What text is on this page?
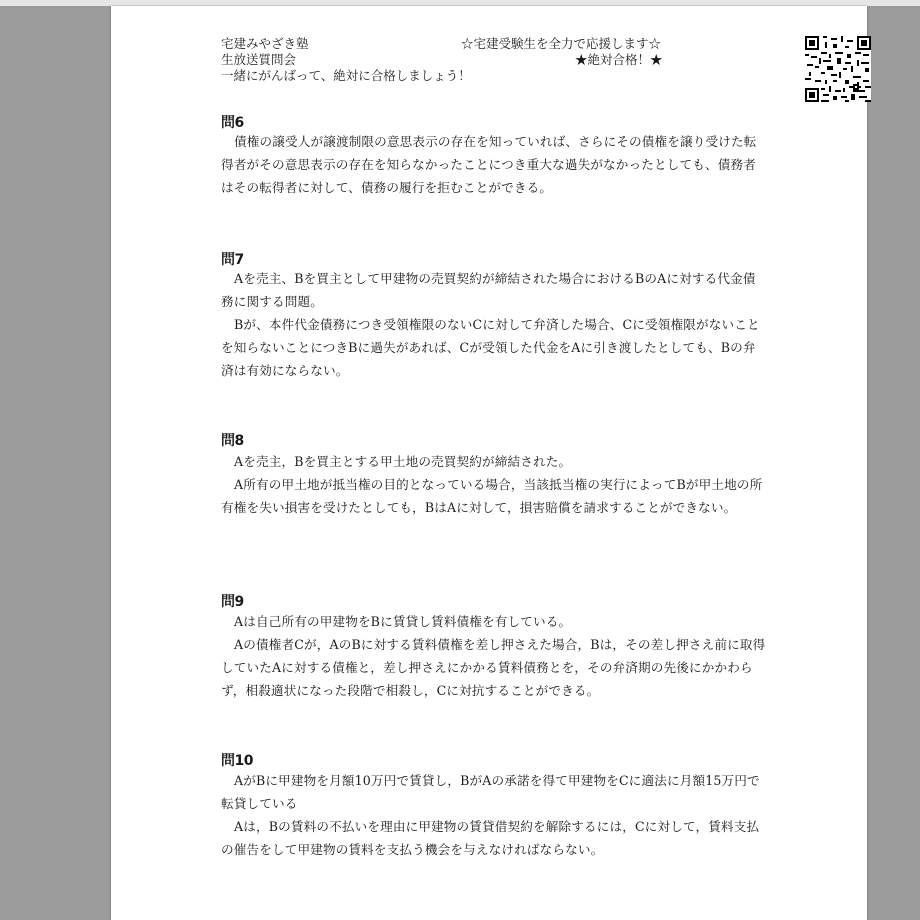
宅建みやざき塾
生放送質問会
一緒にがんばって、絶対に合格しましょう！
☆宅建受験生を全力で応援します☆
★絶対合格！★
問6

債権の譲受人が譲渡制限の意思表示の存在を知っていれば、さらにその債権を譲り受けた転得者がその意思表示の存在を知らなかったことにつき重大な過失がなかったとしても、債務者はその転得者に対して、債務の履行を拒むことができる。

問7

Aを売主、Bを買主として甲建物の売買契約が締結された場合におけるBのAに対する代金債務に関する問題。

Bが、本件代金債務につき受領権限のないCに対して弁済した場合、Cに受領権限がないことを知らないことにつきBに過失があれば、Cが受領した代金をAに引き渡したとしても、Bの弁済は有効にならない。

問8

Aを売主，Bを買主とする甲土地の売買契約が締結された。

A所有の甲土地が抵当権の目的となっている場合，当該抵当権の実行によってBが甲土地の所有権を失い損害を受けたとしても，BはAに対して，損害賠償を請求することができない。

問9

Aは自己所有の甲建物をBに賃貸し賃料債権を有している。

Aの債権者Cが，AのBに対する賃料債権を差し押さえた場合，Bは，その差し押さえ前に取得していたAに対する債権と，差し押さえにかかる賃料債務とを，その弁済期の先後にかかわらず，相殺適状になった段階で相殺し，Cに対抗することができる。

問10

AがBに甲建物を月額10万円で賃貸し，BがAの承諾を得て甲建物をCに適法に月額15万円で転貸している

Aは，Bの賃料の不払いを理由に甲建物の賃貸借契約を解除するには，Cに対して，賃料支払の催告をして甲建物の賃料を支払う機会を与えなければならない。
